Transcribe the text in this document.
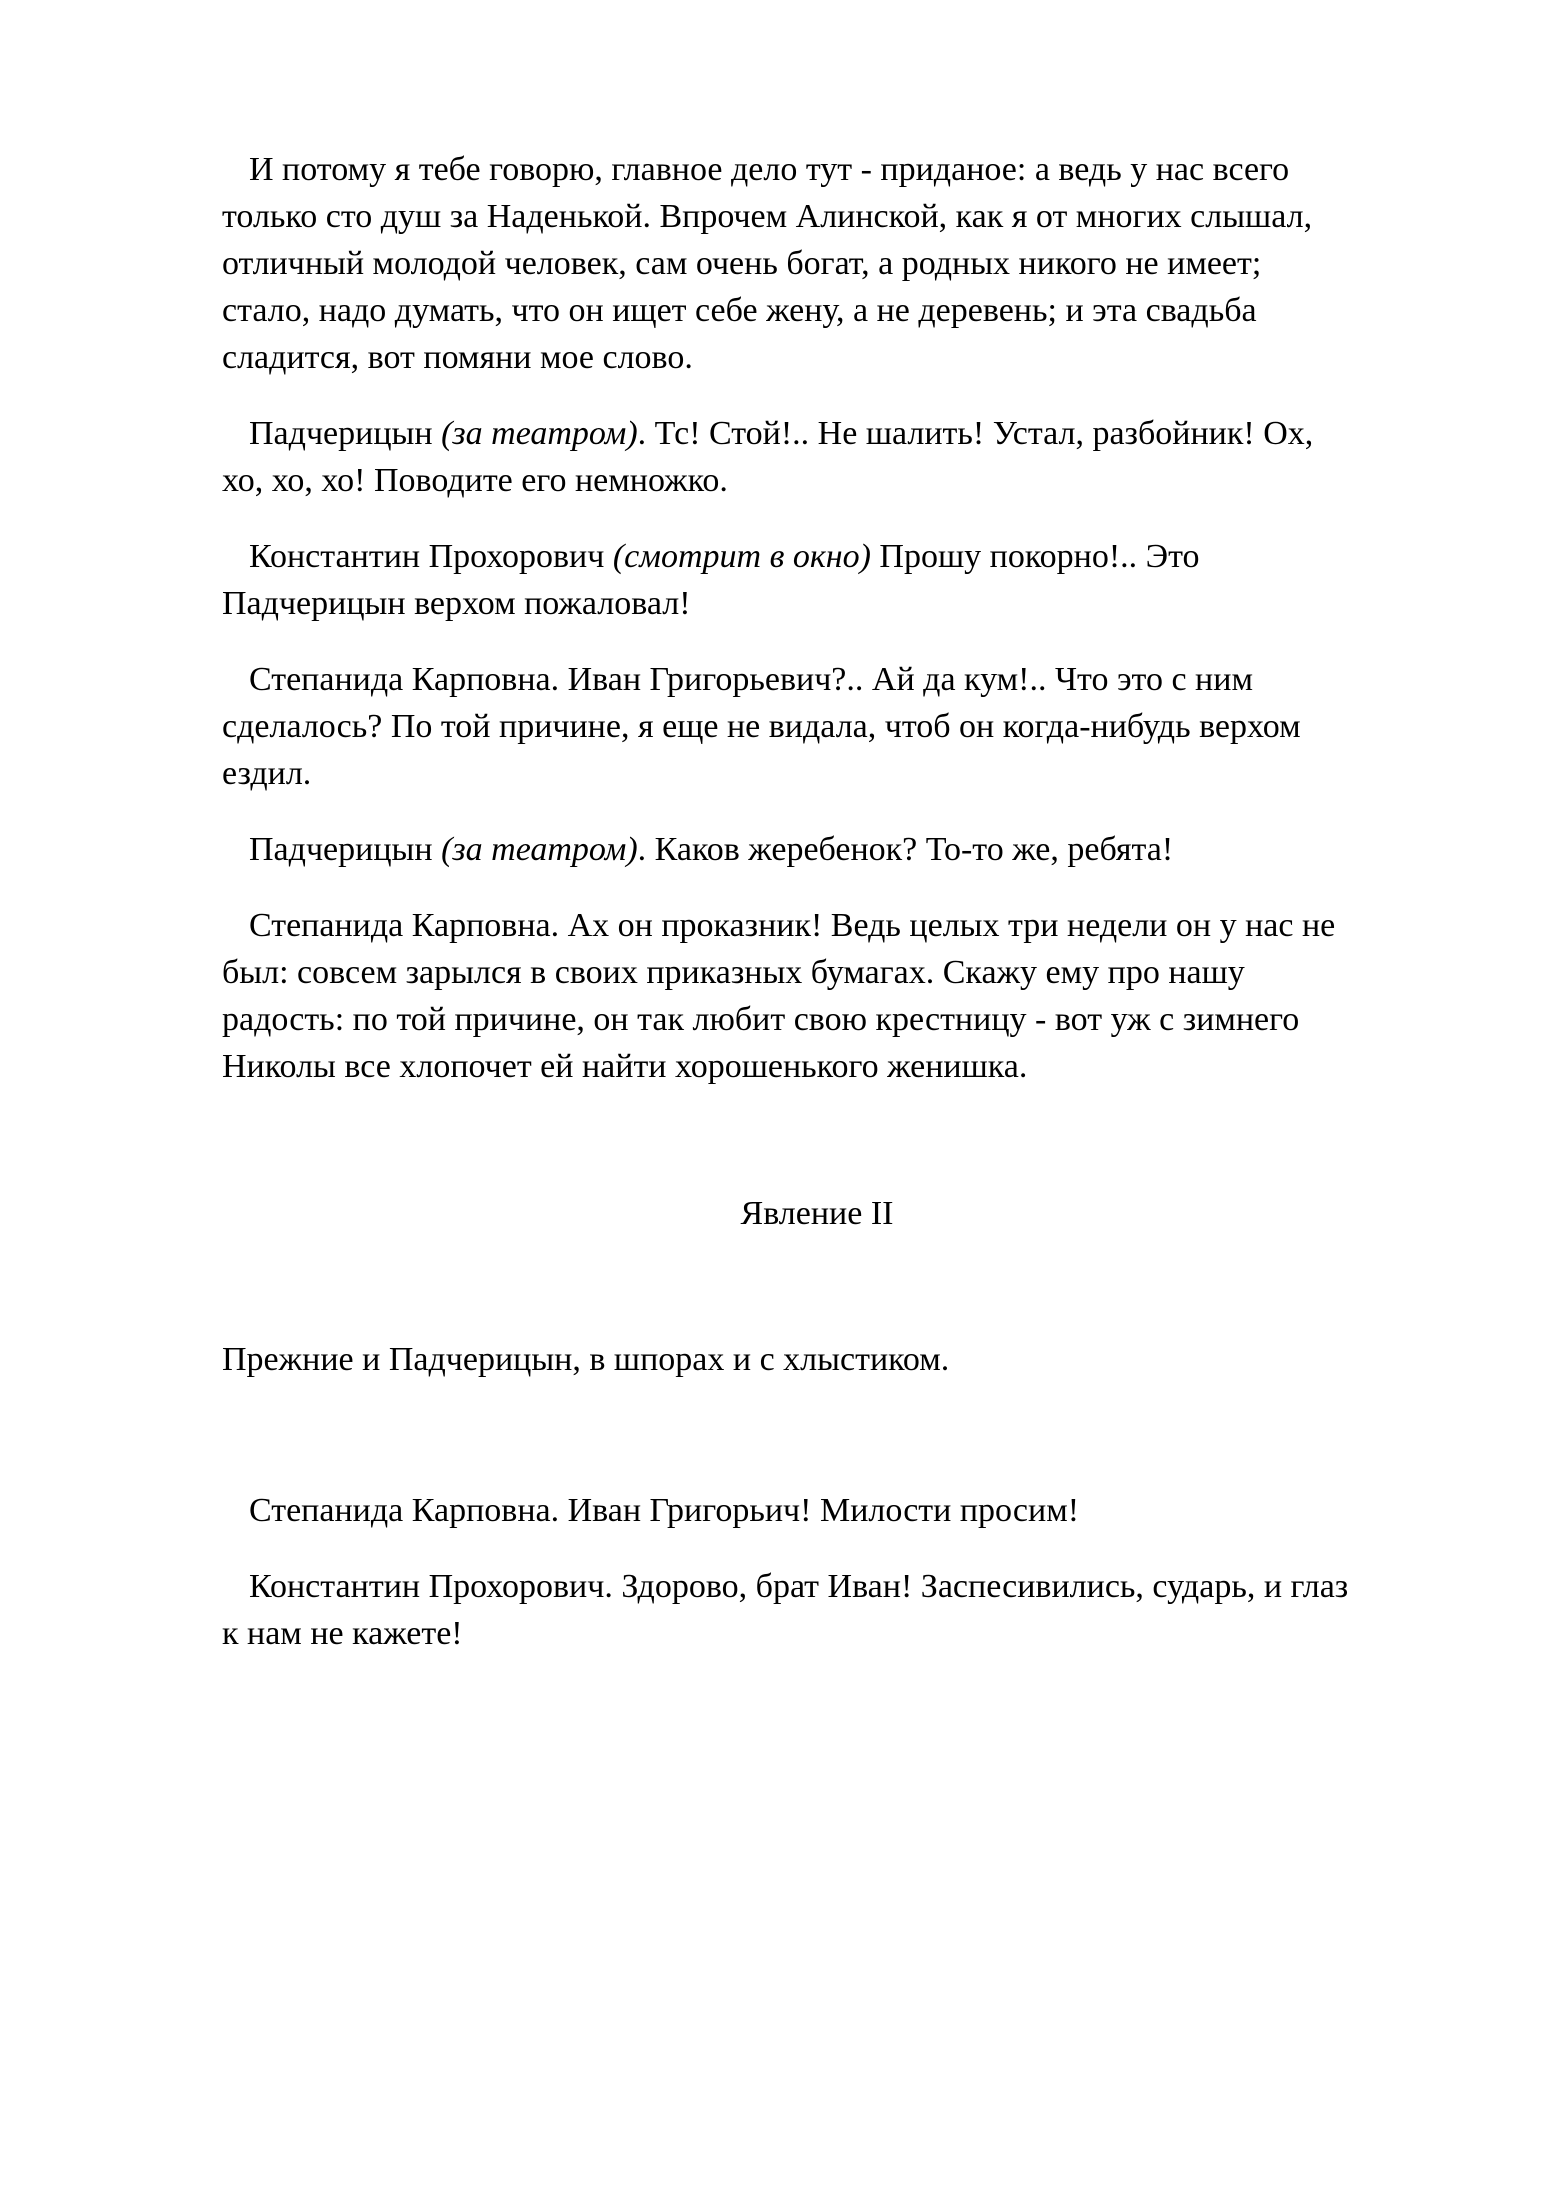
И потому я тебе говорю, главное дело тут - приданое: а ведь у нас всего
только сто душ за Наденькой. Впрочем Алинской, как я от многих слышал,
отличный молодой человек, сам очень богат, а родных никого не имеет;
стало, надо думать, что он ищет себе жену, а не деревень; и эта свадьба
сладится, вот помяни мое слово.
Падчерицын (за театром). Тс! Стой!.. Не шалить! Устал, разбойник! Ох,
хо, хо, хо! Поводите его немножко.
Константин Прохорович (смотрит в окно) Прошу покорно!.. Это
Падчерицын верхом пожаловал!
Степанида Карповна. Иван Григорьевич?.. Ай да кум!.. Что это с ним
сделалось? По той причине, я еще не видала, чтоб он когда-нибудь верхом
ездил.
Падчерицын (за театром). Каков жеребенок? То-то же, ребята!
Степанида Карповна. Ах он проказник! Ведь целых три недели он у нас не
был: совсем зарылся в своих приказных бумагах. Скажу ему про нашу
радость: по той причине, он так любит свою крестницу - вот уж с зимнего
Николы все хлопочет ей найти хорошенького женишка.
Явление II
Прежние и Падчерицын, в шпорах и с хлыстиком.
Степанида Карповна. Иван Григорьич! Милости просим!
Константин Прохорович. Здорово, брат Иван! Заспесивились, сударь, и глаз
к нам не кажете!
